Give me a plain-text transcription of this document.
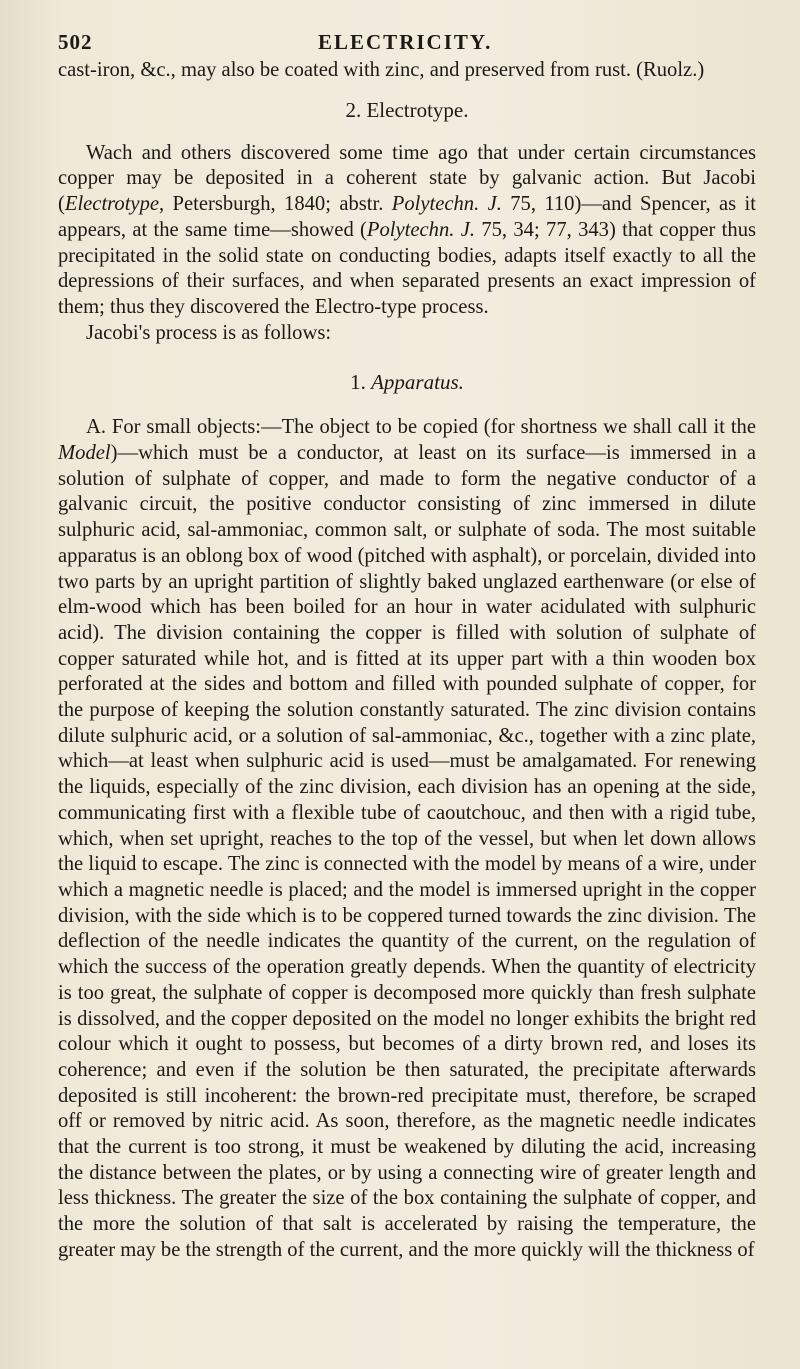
502	ELECTRICITY.

cast-iron, &c., may also be coated with zinc, and preserved from rust. (Ruolz.)

2. Electrotype.

Wach and others discovered some time ago that under certain circumstances copper may be deposited in a coherent state by galvanic action. But Jacobi (Electrotype, Petersburgh, 1840; abstr. Polytechn. J. 75, 110)—and Spencer, as it appears, at the same time—showed (Polytechn. J. 75, 34; 77, 343) that copper thus precipitated in the solid state on conducting bodies, adapts itself exactly to all the depressions of their surfaces, and when separated presents an exact impression of them; thus they discovered the Electro-type process.

Jacobi's process is as follows:

1. Apparatus.

A. For small objects:—The object to be copied (for shortness we shall call it the Model)—which must be a conductor, at least on its surface—is immersed in a solution of sulphate of copper, and made to form the negative conductor of a galvanic circuit, the positive conductor consisting of zinc immersed in dilute sulphuric acid, sal-ammoniac, common salt, or sulphate of soda. The most suitable apparatus is an oblong box of wood (pitched with asphalt), or porcelain, divided into two parts by an upright partition of slightly baked unglazed earthenware (or else of elm-wood which has been boiled for an hour in water acidulated with sulphuric acid). The division containing the copper is filled with solution of sulphate of copper saturated while hot, and is fitted at its upper part with a thin wooden box perforated at the sides and bottom and filled with pounded sulphate of copper, for the purpose of keeping the solution constantly saturated. The zinc division contains dilute sulphuric acid, or a solution of sal-ammoniac, &c., together with a zinc plate, which—at least when sulphuric acid is used—must be amalgamated. For renewing the liquids, especially of the zinc division, each division has an opening at the side, communicating first with a flexible tube of caoutchouc, and then with a rigid tube, which, when set upright, reaches to the top of the vessel, but when let down allows the liquid to escape. The zinc is connected with the model by means of a wire, under which a magnetic needle is placed; and the model is immersed upright in the copper division, with the side which is to be coppered turned towards the zinc division. The deflection of the needle indicates the quantity of the current, on the regulation of which the success of the operation greatly depends. When the quantity of electricity is too great, the sulphate of copper is decomposed more quickly than fresh sulphate is dissolved, and the copper deposited on the model no longer exhibits the bright red colour which it ought to possess, but becomes of a dirty brown red, and loses its coherence; and even if the solution be then saturated, the precipitate afterwards deposited is still incoherent: the brown-red precipitate must, therefore, be scraped off or removed by nitric acid. As soon, therefore, as the magnetic needle indicates that the current is too strong, it must be weakened by diluting the acid, increasing the distance between the plates, or by using a connecting wire of greater length and less thickness. The greater the size of the box containing the sulphate of copper, and the more the solution of that salt is accelerated by raising the temperature, the greater may be the strength of the current, and the more quickly will the thickness of
